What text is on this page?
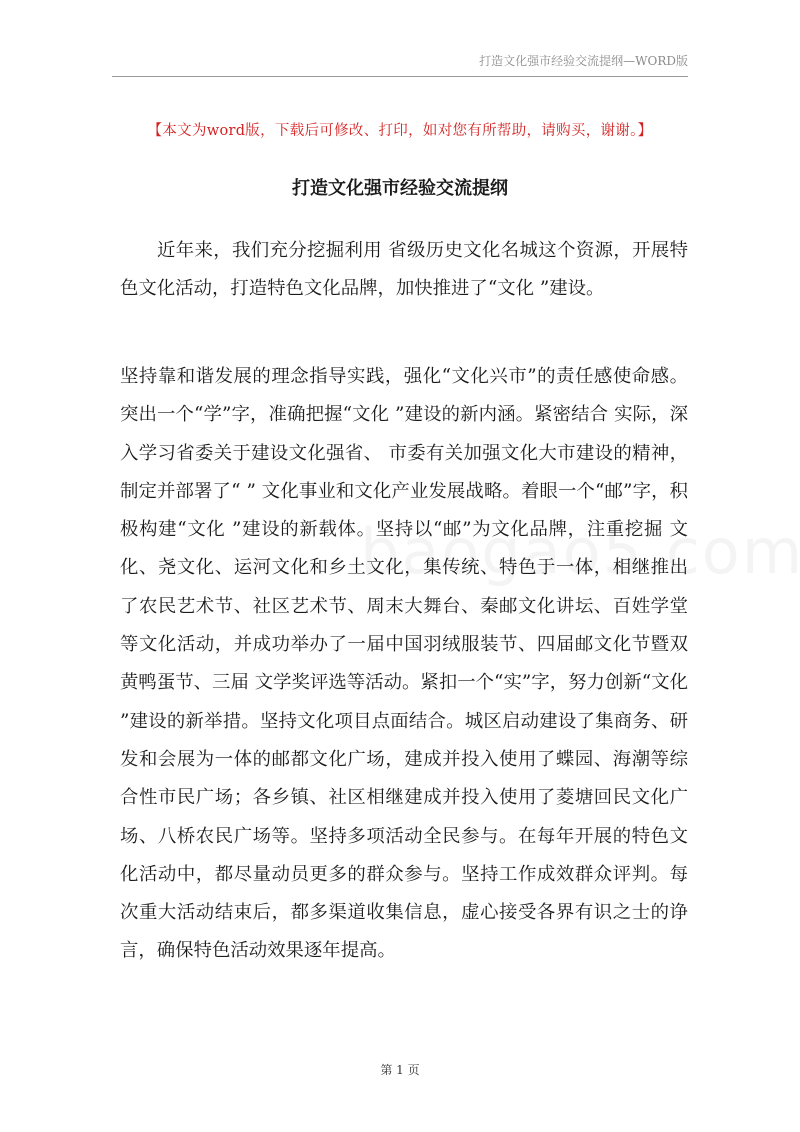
打造文化强市经验交流提纲—WORD版
【本文为word版，下载后可修改、打印，如对您有所帮助，请购买，谢谢。】
打造文化强市经验交流提纲

近年来，我们充分挖掘利用 省级历史文化名城这个资源，开展特色文化活动，打造特色文化品牌，加快推进了“文化 ”建设。

坚持靠和谐发展的理念指导实践，强化“文化兴市”的责任感使命感。突出一个“学”字，准确把握“文化 ”建设的新内涵。紧密结合 实际，深入学习省委关于建设文化强省、 市委有关加强文化大市建设的精神，制定并部署了“ ” 文化事业和文化产业发展战略。着眼一个“邮”字，积极构建“文化 ”建设的新载体。坚持以“邮”为文化品牌，注重挖掘 文化、尧文化、运河文化和乡土文化，集传统、特色于一体，相继推出了农民艺术节、社区艺术节、周末大舞台、秦邮文化讲坛、百姓学堂等文化活动，并成功举办了一届中国羽绒服装节、四届邮文化节暨双黄鸭蛋节、三届 文学奖评选等活动。紧扣一个“实”字，努力创新“文化 ”建设的新举措。坚持文化项目点面结合。城区启动建设了集商务、研发和会展为一体的邮都文化广场，建成并投入使用了蝶园、海潮等综合性市民广场；各乡镇、社区相继建成并投入使用了菱塘回民文化广场、八桥农民广场等。坚持多项活动全民参与。在每年开展的特色文化活动中，都尽量动员更多的群众参与。坚持工作成效群众评判。每次重大活动结束后，都多渠道收集信息，虚心接受各界有识之士的诤言，确保特色活动效果逐年提高。

第 1 页
